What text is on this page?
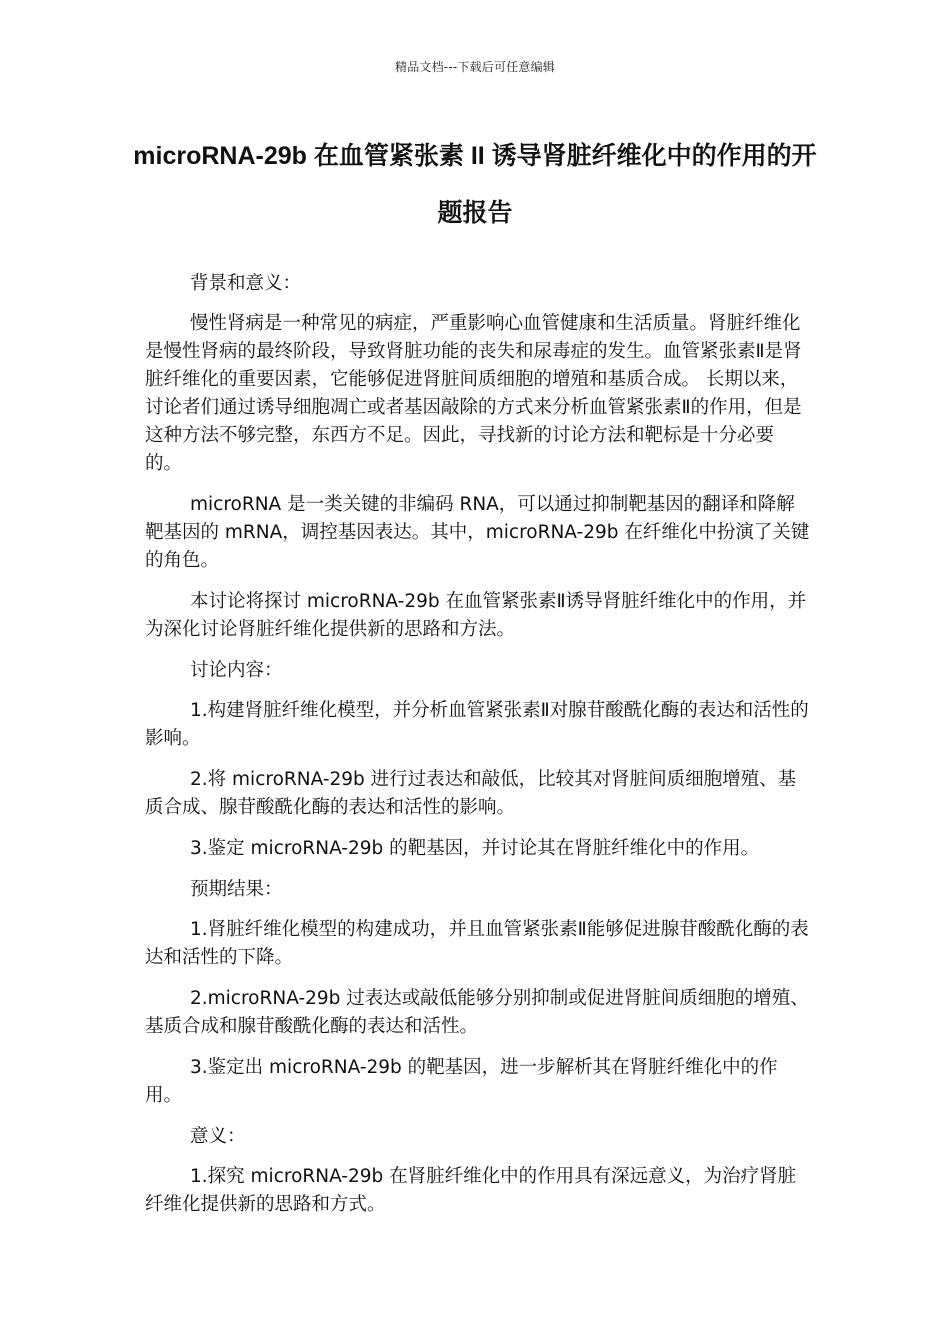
精品文档---下载后可任意编辑
microRNA-29b 在血管紧张素 II 诱导肾脏纤维化中的作用的开题报告

背景和意义：

慢性肾病是一种常见的病症，严重影响心血管健康和生活质量。肾脏纤维化是慢性肾病的最终阶段，导致肾脏功能的丧失和尿毒症的发生。血管紧张素Ⅱ是肾脏纤维化的重要因素，它能够促进肾脏间质细胞的增殖和基质合成。 长期以来，讨论者们通过诱导细胞凋亡或者基因敲除的方式来分析血管紧张素Ⅱ的作用，但是这种方法不够完整，东西方不足。因此，寻找新的讨论方法和靶标是十分必要的。

microRNA 是一类关键的非编码 RNA，可以通过抑制靶基因的翻译和降解靶基因的 mRNA，调控基因表达。其中，microRNA-29b 在纤维化中扮演了关键的角色。

本讨论将探讨 microRNA-29b 在血管紧张素Ⅱ诱导肾脏纤维化中的作用，并为深化讨论肾脏纤维化提供新的思路和方法。

讨论内容：

1.构建肾脏纤维化模型，并分析血管紧张素Ⅱ对腺苷酸酰化酶的表达和活性的影响。

2.将 microRNA-29b 进行过表达和敲低，比较其对肾脏间质细胞增殖、基质合成、腺苷酸酰化酶的表达和活性的影响。

3.鉴定 microRNA-29b 的靶基因，并讨论其在肾脏纤维化中的作用。

预期结果：

1.肾脏纤维化模型的构建成功，并且血管紧张素Ⅱ能够促进腺苷酸酰化酶的表达和活性的下降。

2.microRNA-29b 过表达或敲低能够分别抑制或促进肾脏间质细胞的增殖、基质合成和腺苷酸酰化酶的表达和活性。

3.鉴定出 microRNA-29b 的靶基因，进一步解析其在肾脏纤维化中的作用。

意义：

1.探究 microRNA-29b 在肾脏纤维化中的作用具有深远意义，为治疗肾脏纤维化提供新的思路和方式。
